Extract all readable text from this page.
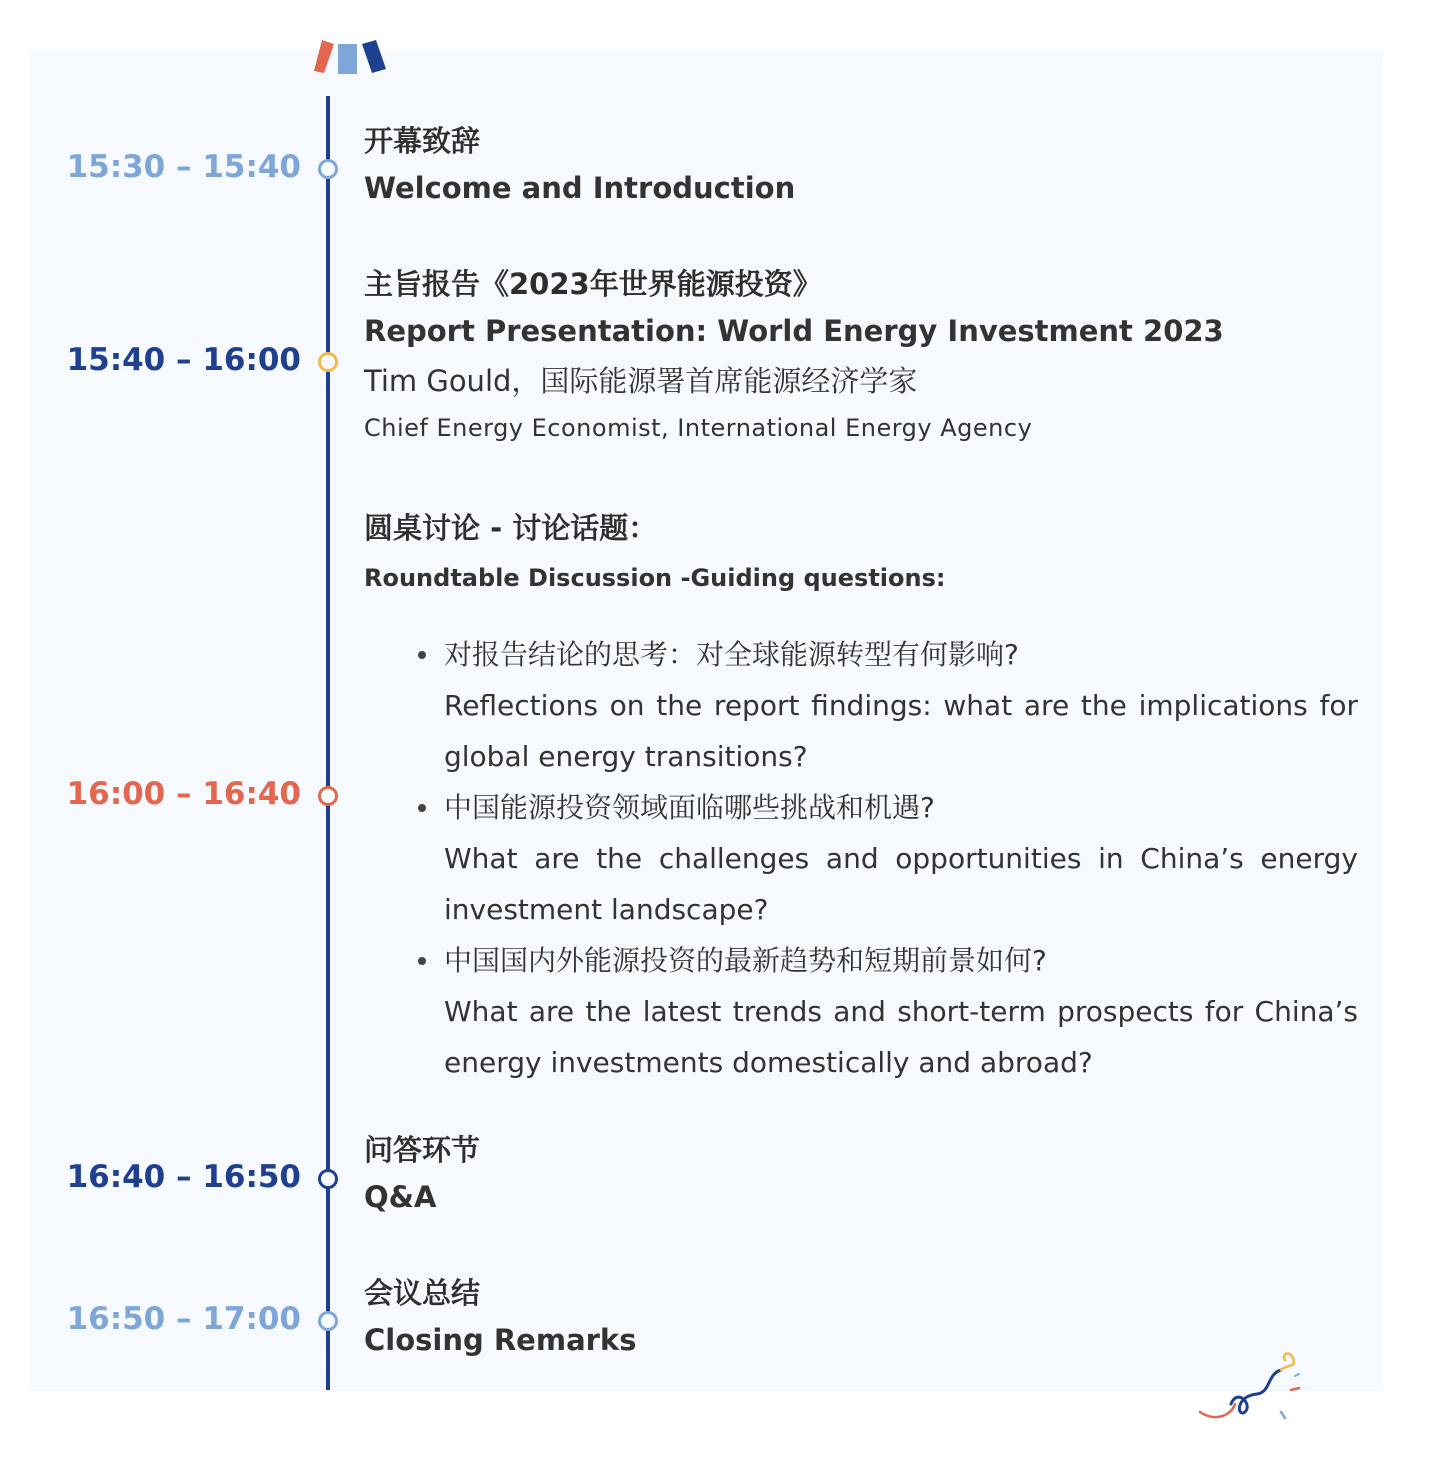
15:30 – 15:40
开幕致辞
Welcome and Introduction
15:40 – 16:00
主旨报告《2023年世界能源投资》
Report Presentation: World Energy Investment 2023
Tim Gould，国际能源署首席能源经济学家
Chief Energy Economist, International Energy Agency
16:00 – 16:40
圆桌讨论 - 讨论话题：
Roundtable Discussion -Guiding questions:
对报告结论的思考：对全球能源转型有何影响?
Reflections on the report findings: what are the implications for global energy transitions?
中国能源投资领域面临哪些挑战和机遇?
What are the challenges and opportunities in China’s energy investment landscape?
中国国内外能源投资的最新趋势和短期前景如何?
What are the latest trends and short-term prospects for China’s energy investments domestically and abroad?
16:40 – 16:50
问答环节
Q&A
16:50 – 17:00
会议总结
Closing Remarks
